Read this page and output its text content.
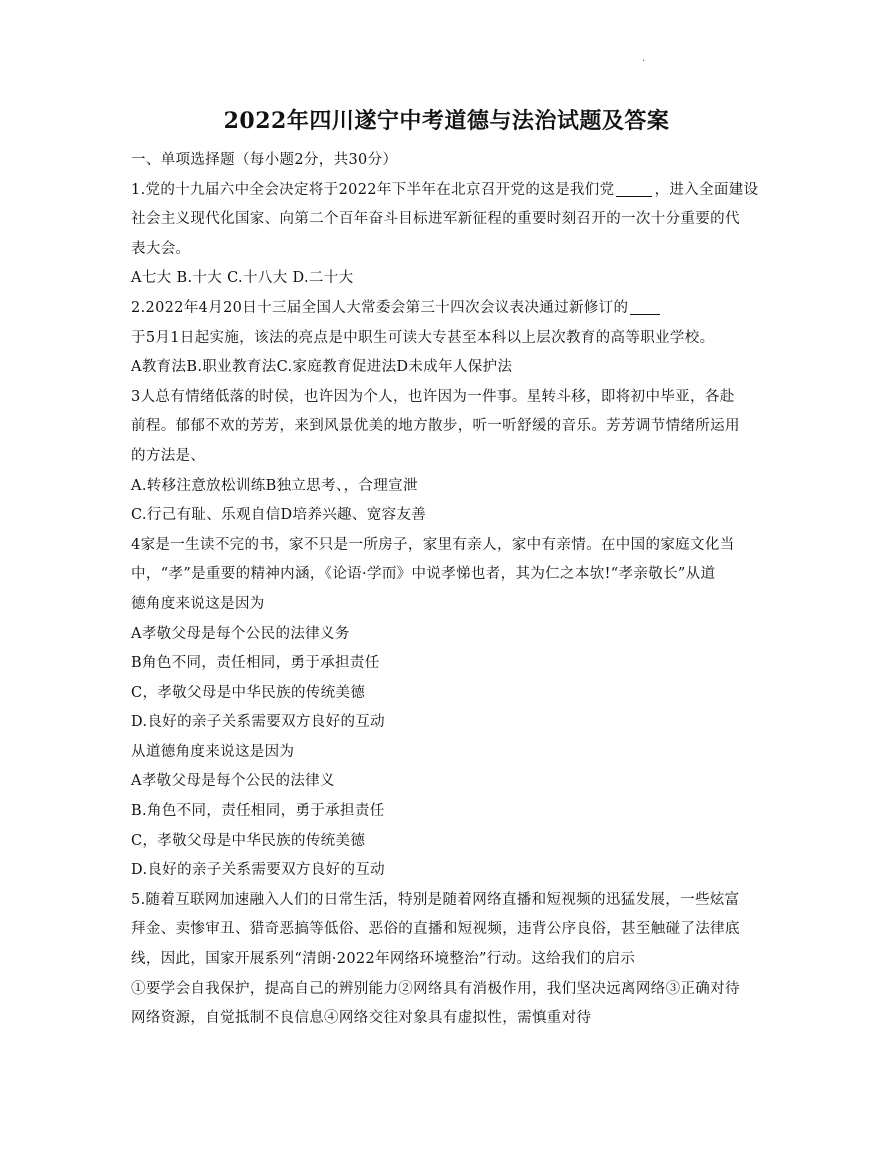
·
2022年四川遂宁中考道德与法治试题及答案
一、单项选择题（每小题2分，共30分）
1.党的十九届六中全会决定将于2022年下半年在北京召开党的这是我们党	，进入全面建设
社会主义现代化国家、向第二个百年奋斗目标进军新征程的重要时刻召开的一次十分重要的代
表大会。
A七大 B.十大 C.十八大 D.二十大
2.2022年4月20日十三届全国人大常委会第三十四次会议表决通过新修订的
于5月1日起实施，该法的亮点是中职生可读大专甚至本科以上层次教育的高等职业学校。
A教育法B.职业教育法C.家庭教育促进法D未成年人保护法
3人总有情绪低落的时侯，也许因为个人，也许因为一件事。星转斗移，即将初中毕亚，各赴
前程。郁郁不欢的芳芳，来到风景优美的地方散步，听一听舒缓的音乐。芳芳调节情绪所运用
的方法是、
A.转移注意放松训练B独立思考、，合理宣泄
C.行己有耻、乐观自信D培养兴趣、宽容友善
4家是一生读不完的书，家不只是一所房子，家里有亲人，家中有亲情。在中国的家庭文化当
中，“孝”是重要的精神内涵，《论语·学而》中说孝悌也者，其为仁之本欤!“孝亲敬长”从道
德角度来说这是因为
A孝敬父母是每个公民的法律义务
B角色不同，责任相同，勇于承担责任
C，孝敬父母是中华民族的传统美德
D.良好的亲子关系需要双方良好的互动
从道德角度来说这是因为
A孝敬父母是每个公民的法律义
B.角色不同，责任相同，勇于承担责任
C，孝敬父母是中华民族的传统美德
D.良好的亲子关系需要双方良好的互动
5.随着互联网加速融入人们的日常生活，特别是随着网络直播和短视频的迅猛发展，一些炫富
拜金、卖惨审丑、猎奇恶搞等低俗、恶俗的直播和短视频，违背公序良俗，甚至触碰了法律底
线，因此，国家开展系列“清朗·2022年网络环境整治”行动。这给我们的启示
①要学会自我保护，提高自己的辨别能力②网络具有消极作用，我们坚决远离网络③正确对待
网络资源，自觉抵制不良信息④网络交往对象具有虚拟性，需慎重对待
